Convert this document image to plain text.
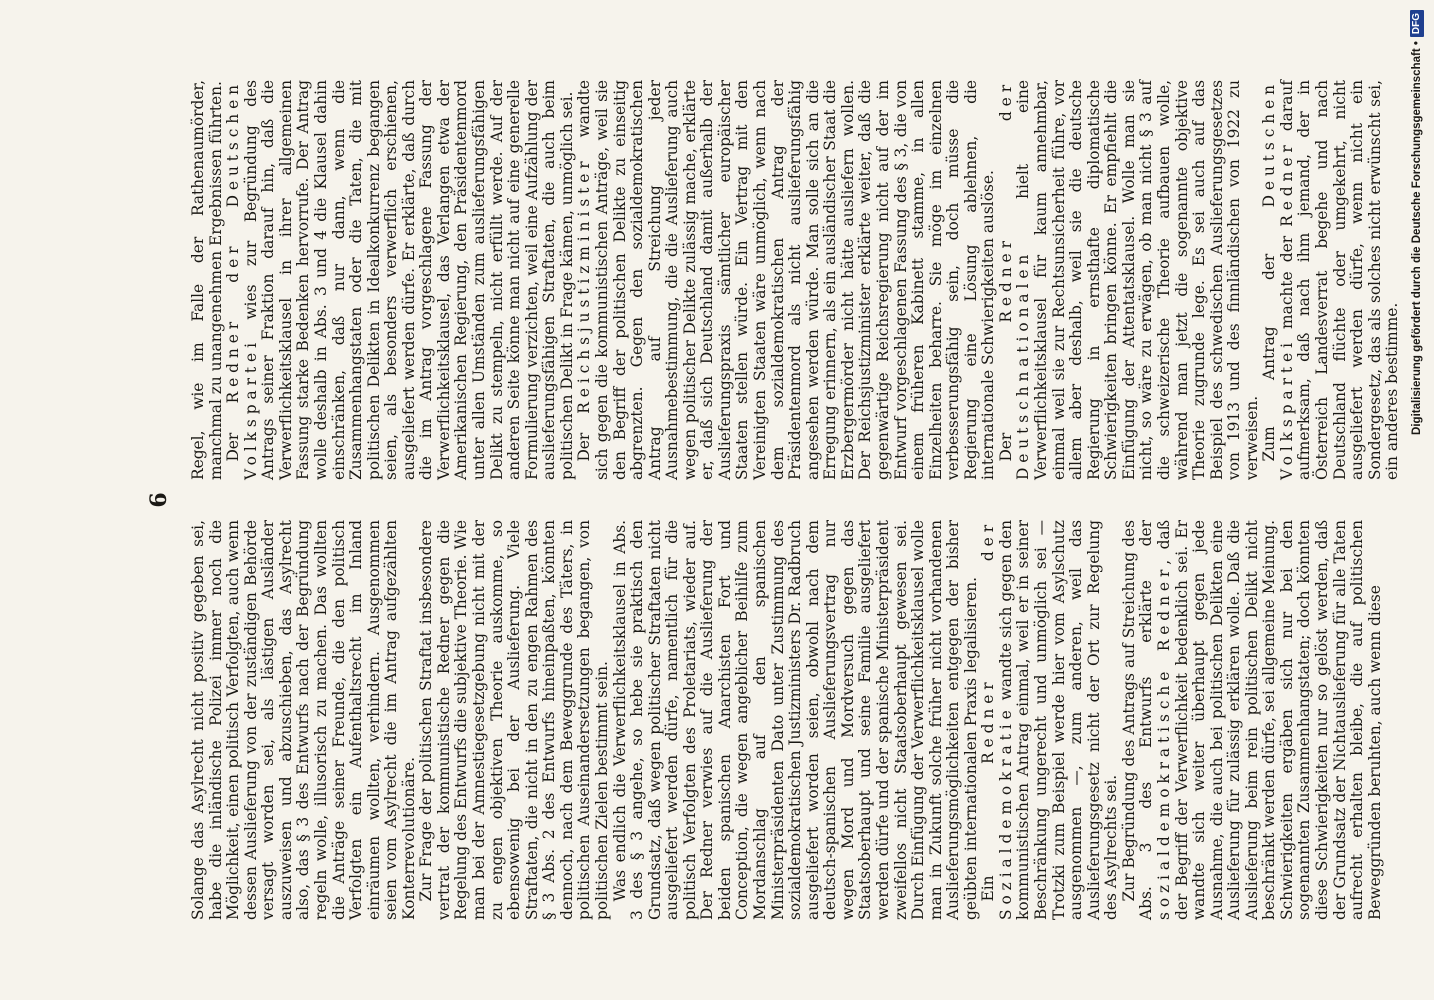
6

Solange das Asylrecht nicht positiv gegeben sei, habe die inländische Polizei immer noch die Möglichkeit, einen politisch Verfolgten, auch wenn dessen Auslieferung von der zuständigen Behörde versagt worden sei, als lästigen Ausländer auszuweisen und abzuschieben, das Asylrecht also, das § 3 des Entwurfs nach der Begründung regeln wolle, illusorisch zu machen. Das wollten die Anträge seiner Freunde, die den politisch Verfolgten ein Aufenthaltsrecht im Inland einräumen wollten, verhindern. Ausgenommen seien vom Asylrecht die im Antrag aufgezählten Konterrevolutionäre. Zur Frage der politischen Straftat insbesondere vertrat der kommunistische Redner gegen die Regelung des Entwurfs die subjektive Theorie. Wie man bei der Amnestiegesetzgebung nicht mit der zu engen objektiven Theorie auskomme, so ebensowenig bei der Auslieferung. Viele Straftaten, die nicht in den zu engen Rahmen des § 3 Abs. 2 des Entwurfs hineinpaßten, könnten dennoch, nach dem Beweggrunde des Täters, in politischen Auseinandersetzungen begangen, von politischen Zielen bestimmt sein. Was endlich die Verwerflichkeitsklausel in Abs. 3 des § 3 angehe, so hebe sie praktisch den Grundsatz, daß wegen politischer Straftaten nicht ausgeliefert werden dürfe, namentlich für die politisch Verfolgten des Proletariats, wieder auf. Der Redner verwies auf die Auslieferung der beiden spanischen Anarchisten Fort und Conception, die wegen angeblicher Beihilfe zum Mordanschlag auf den spanischen Ministerpräsidenten Dato unter Zustimmung des sozialdemokratischen Justizministers Dr. Radbruch ausgeliefert worden seien, obwohl nach dem deutsch-spanischen Auslieferungsvertrag nur wegen Mord und Mordversuch gegen das Staatsoberhaupt und seine Familie ausgeliefert werden dürfe und der spanische Ministerpräsident zweifellos nicht Staatsoberhaupt gewesen sei. Durch Einfügung der Verwerflichkeitsklausel wolle man in Zukunft solche früher nicht vorhandenen Auslieferungsmöglichkeiten entgegen der bisher geübten internationalen Praxis legalisieren. Ein Redner der Sozialdemokratie wandte sich gegen den kommunistischen Antrag einmal, weil er in seiner Beschränkung ungerecht und unmöglich sei — Trotzki zum Beispiel werde hier vom Asylschutz ausgenommen —, zum anderen, weil das Auslieferungsgesetz nicht der Ort zur Regelung des Asylrechts sei. Zur Begründung des Antrags auf Streichung des Abs. 3 des Entwurfs erklärte der sozialdemokratische Redner, daß der Begriff der Verwerflichkeit bedenklich sei. Er wandte sich weiter überhaupt gegen jede Ausnahme, die auch bei politischen Delikten eine Auslieferung für zulässig erklären wolle. Daß die Auslieferung beim rein politischen Delikt nicht beschränkt werden dürfe, sei allgemeine Meinung. Schwierigkeiten ergäben sich nur bei den sogenannten Zusammenhangstaten; doch könnten diese Schwierigkeiten nur so gelöst werden, daß der Grundsatz der Nichtauslieferung für alle Taten aufrecht erhalten bleibe, die auf politischen Beweggründen beruhten, auch wenn diese

Regel, wie im Falle der Rathenaumörder, manchmal zu unangenehmen Ergebnissen führten. Der Redner der Deutschen Volkspartei wies zur Begründung des Antrags seiner Fraktion darauf hin, daß die Verwerflichkeitsklausel in ihrer allgemeinen Fassung starke Bedenken hervorrufe. Der Antrag wolle deshalb in Abs. 3 und 4 die Klausel dahin einschränken, daß nur dann, wenn die Zusammenhangstaten oder die Taten, die mit politischen Delikten in Idealkonkurrenz begangen seien, als besonders verwerflich erschienen, ausgeliefert werden dürfe. Er erklärte, daß durch die im Antrag vorgeschlagene Fassung der Verwerflichkeitsklausel, das Verlangen etwa der Amerikanischen Regierung, den Präsidentenmord unter allen Umständen zum auslieferungsfähigen Delikt zu stempeln, nicht erfüllt werde. Auf der anderen Seite könne man nicht auf eine generelle Formulierung verzichten, weil eine Aufzählung der auslieferungsfähigen Straftaten, die auch beim politischen Delikt in Frage kämen, unmöglich sei. Der Reichsjustizminister wandte sich gegen die kommunistischen Anträge, weil sie den Begriff der politischen Delikte zu einseitig abgrenzten. Gegen den sozialdemokratischen Antrag auf Streichung jeder Ausnahmebestimmung, die die Auslieferung auch wegen politischer Delikte zulässig mache, erklärte er, daß sich Deutschland damit außerhalb der Auslieferungspraxis sämtlicher europäischer Staaten stellen würde. Ein Vertrag mit den Vereinigten Staaten wäre unmöglich, wenn nach dem sozialdemokratischen Antrag der Präsidentenmord als nicht auslieferungsfähig angesehen werden würde. Man solle sich an die Erregung erinnern, als ein ausländischer Staat die Erzbergermörder nicht hätte ausliefern wollen. Der Reichsjustizminister erklärte weiter, daß die gegenwärtige Reichsregierung nicht auf der im Entwurf vorgeschlagenen Fassung des § 3, die von einem früheren Kabinett stamme, in allen Einzelheiten beharre. Sie möge im einzelnen verbesserungsfähig sein, doch müsse die Regierung eine Lösung ablehnen, die internationale Schwierigkeiten auslöse. Der Redner der Deutschnationalen hielt eine Verwerflichkeitsklausel für kaum annehmbar, einmal weil sie zur Rechtsunsicherheit führe, vor allem aber deshalb, weil sie die deutsche Regierung in ernsthafte diplomatische Schwierigkeiten bringen könne. Er empfiehlt die Einfügung der Attentatsklausel. Wolle man sie nicht, so wäre zu erwägen, ob man nicht § 3 auf die schweizerische Theorie aufbauen wolle, während man jetzt die sogenannte objektive Theorie zugrunde lege. Es sei auch auf das Beispiel des schwedischen Auslieferungsgesetzes von 1913 und des finnländischen von 1922 zu verweisen. Zum Antrag der Deutschen Volkspartei machte der Redner darauf aufmerksam, daß nach ihm jemand, der in Österreich Landesverrat begehe und nach Deutschland flüchte oder umgekehrt, nicht ausgeliefert werden dürfe, wenn nicht ein Sondergesetz, das als solches nicht erwünscht sei, ein anderes bestimme. Digitalisierung gefördert durch die Deutsche Forschungsgemeinschaft •
DFG
